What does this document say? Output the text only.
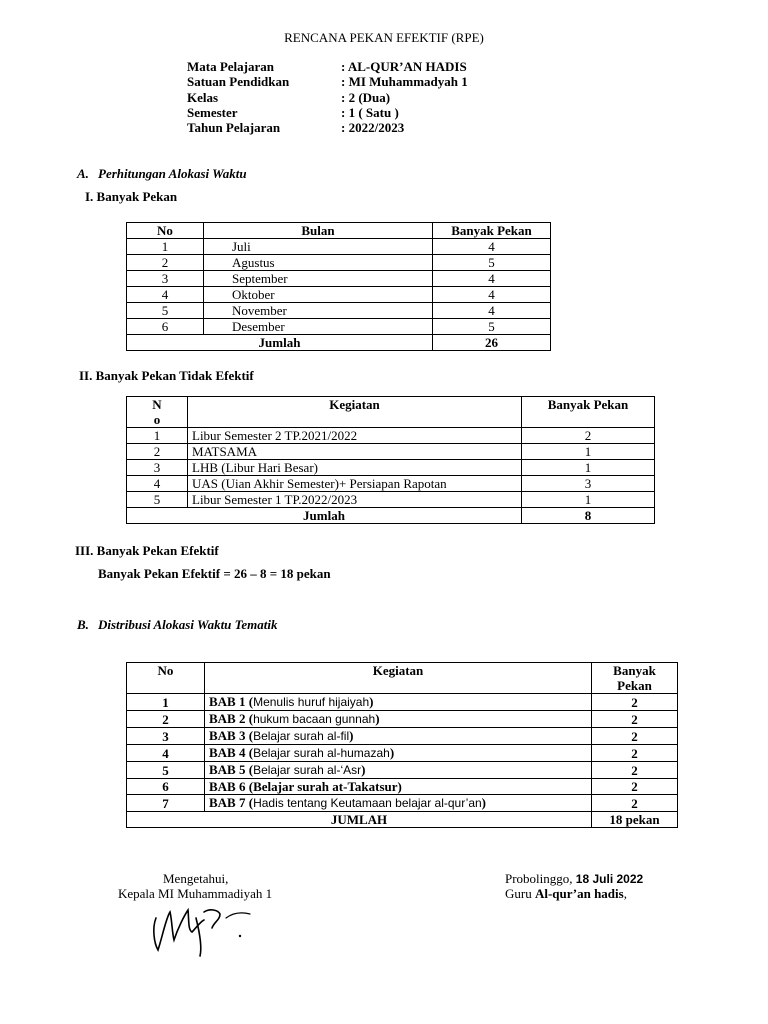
RENCANA PEKAN EFEKTIF (RPE)
Mata Pelajaran	: AL-QUR’AN HADIS
Satuan Pendidkan	: MI Muhammadyah 1
Kelas	: 2 (Dua)
Semester	: 1 ( Satu )
Tahun Pelajaran	: 2022/2023
A. Perhitungan Alokasi Waktu
I. Banyak Pekan
No	Bulan	Banyak Pekan
1	Juli	4
2	Agustus	5
3	September	4
4	Oktober	4
5	November	4
6	Desember	5
Jumlah		26
II. Banyak Pekan Tidak Efektif
N
o	Kegiatan	Banyak Pekan
1	Libur Semester 2 TP.2021/2022	2
2	MATSAMA	1
3	LHB (Libur Hari Besar)	1
4	UAS (Uian Akhir Semester)+ Persiapan Rapotan	3
5	Libur Semester 1 TP.2022/2023	1
Jumlah		8
III. Banyak Pekan Efektif
Banyak Pekan Efektif = 26 – 8 = 18 pekan
B. Distribusi Alokasi Waktu Tematik
No	Kegiatan	Banyak
Pekan

1	BAB 1 (Menulis huruf hijaiyah)	2
2	BAB 2 (hukum bacaan gunnah)	2
3	BAB 3 (Belajar surah al-fil)	2
4	BAB 4 (Belajar surah al-humazah)	2
5	BAB 5 (Belajar surah al-‘Asr)	2
6	BAB 6 (Belajar surah at-Takatsur)	2
7	BAB 7 (Hadis tentang Keutamaan belajar al-qur’an)	2
JUMLAH		18 pekan
Mengetahui,
Kepala MI Muhammadiyah 1
Probolinggo, 18 Juli 2022
Guru Al-qur’an hadis,
